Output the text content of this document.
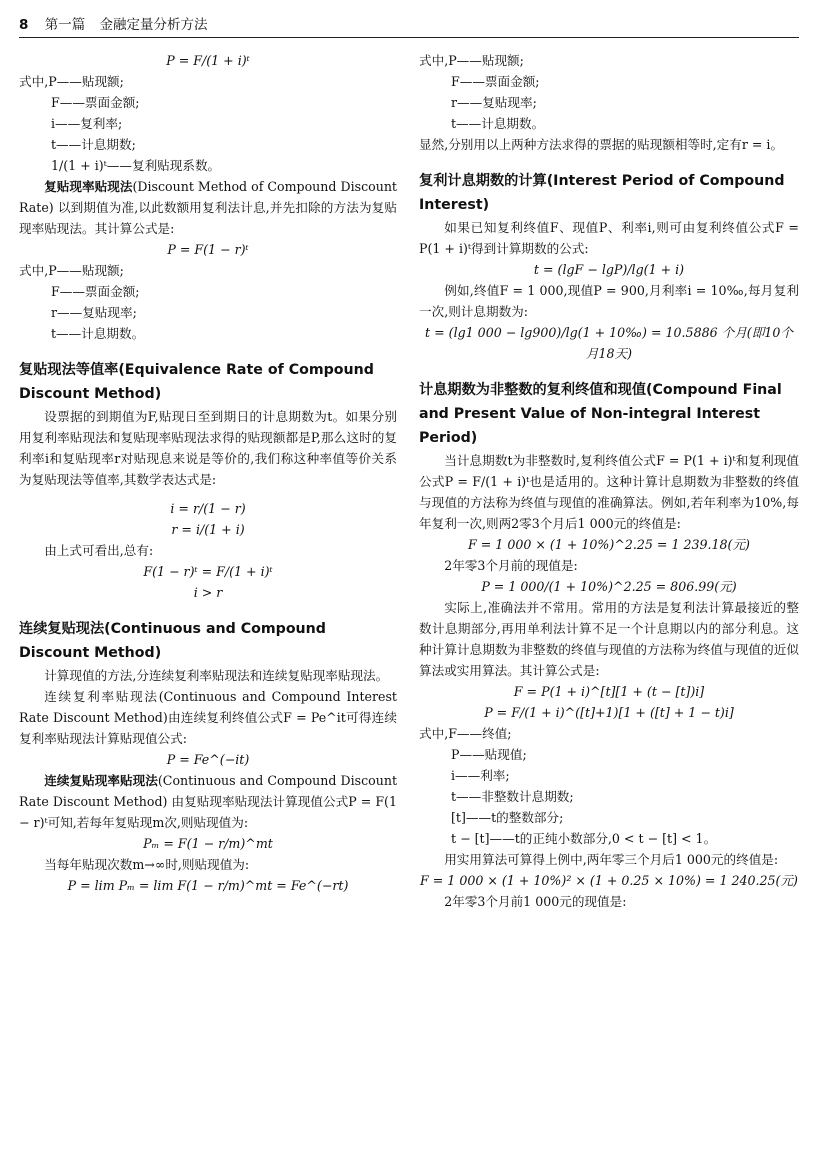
8 第一篇 金融定量分析方法

P = F/(1 + i)ᵗ

式中,P——贴现额;

F——票面金额;

i——复利率;

t——计息期数;

1/(1 + i)ᵗ——复利贴现系数。

复贴现率贴现法(Discount Method of Compound Discount Rate) 以到期值为准,以此数额用复利法计息,并先扣除的方法为复贴现率贴现法。其计算公式是:

P = F(1 − r)ᵗ

式中,P——贴现额;

F——票面金额;

r——复贴现率;

t——计息期数。

复贴现法等值率(Equivalence Rate of Compound Discount Method)

设票据的到期值为F,贴现日至到期日的计息期数为t。如果分别用复利率贴现法和复贴现率贴现法求得的贴现额都是P,那么这时的复利率i和复贴现率r对贴现息来说是等价的,我们称这种率值等价关系为复贴现法等值率,其数学表达式是:

i = r/(1 − r)

r = i/(1 + i)

由上式可看出,总有:

F(1 − r)ᵗ = F/(1 + i)ᵗ

i > r

连续复贴现法(Continuous and Compound Discount Method)

计算现值的方法,分连续复利率贴现法和连续复贴现率贴现法。

连续复利率贴现法(Continuous and Compound Interest Rate Discount Method)由连续复利终值公式F = Pe^it可得连续复利率贴现法计算贴现值公式:

P = Fe^(−it)

连续复贴现率贴现法(Continuous and Compound Discount Rate Discount Method) 由复贴现率贴现法计算现值公式P = F(1 − r)ᵗ可知,若每年复贴现m次,则贴现值为:

Pₘ = F(1 − r/m)^mt

当每年贴现次数m→∞时,则贴现值为:

P = lim Pₘ = lim F(1 − r/m)^mt = Fe^(−rt)

式中,P——贴现额;

F——票面金额;

r——复贴现率;

t——计息期数。

显然,分别用以上两种方法求得的票据的贴现额相等时,定有r = i。

复利计息期数的计算(Interest Period of Compound Interest)

如果已知复利终值F、现值P、利率i,则可由复利终值公式F = P(1 + i)ᵗ得到计算期数的公式:

t = (lgF − lgP)/lg(1 + i)

例如,终值F = 1 000,现值P = 900,月利率i = 10‰,每月复利一次,则计息期数为:

t = (lg1 000 − lg900)/lg(1 + 10‰) = 10.5886 个月(即10个月18天)

计息期数为非整数的复利终值和现值(Compound Final and Present Value of Non-integral Interest Period)

当计息期数t为非整数时,复利终值公式F = P(1 + i)ᵗ和复利现值公式P = F/(1 + i)ᵗ也是适用的。这种计算计息期数为非整数的终值与现值的方法称为终值与现值的准确算法。例如,若年利率为10%,每年复利一次,则两2零3个月后1 000元的终值是:

F = 1 000 × (1 + 10%)^2.25 = 1 239.18(元)

2年零3个月前的现值是:

P = 1 000/(1 + 10%)^2.25 = 806.99(元)

实际上,准确法并不常用。常用的方法是复利法计算最接近的整数计息期部分,再用单利法计算不足一个计息期以内的部分利息。这种计算计息期数为非整数的终值与现值的方法称为终值与现值的近似算法或实用算法。其计算公式是:

F = P(1 + i)^[t][1 + (t − [t])i]

P = F/(1 + i)^([t]+1)[1 + ([t] + 1 − t)i]

式中,F——终值;

P——贴现值;

i——利率;

t——非整数计息期数;

[t]——t的整数部分;

t − [t]——t的正纯小数部分,0 < t − [t] < 1。

用实用算法可算得上例中,两年零三个月后1 000元的终值是:

F = 1 000 × (1 + 10%)² × (1 + 0.25 × 10%) = 1 240.25(元)

2年零3个月前1 000元的现值是:
